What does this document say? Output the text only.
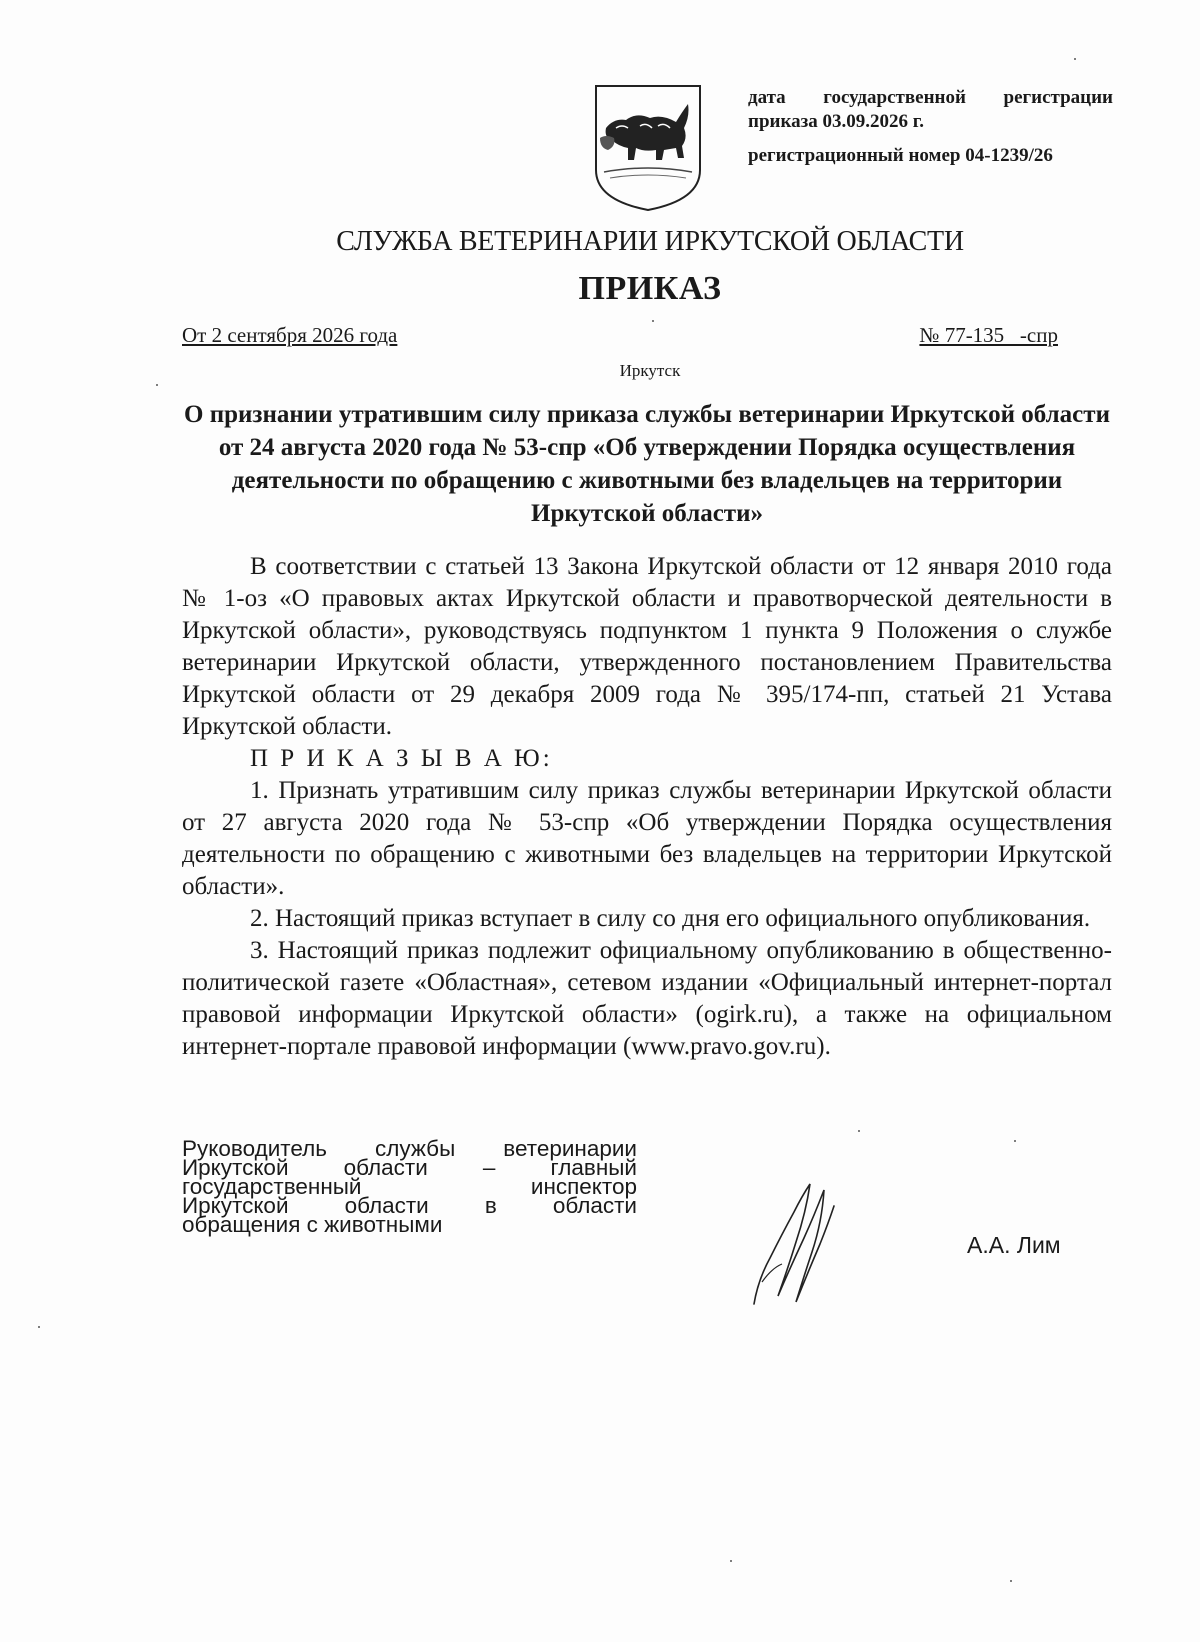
дата государственной регистрации
приказа 03.09.2026 г.
регистрационный номер 04-1239/26
СЛУЖБА ВЕТЕРИНАРИИ ИРКУТСКОЙ ОБЛАСТИ
ПРИКАЗ
От 2 сентября 2026 года	№ 77-135   -спр
Иркутск
О признании утратившим силу приказа службы ветеринарии Иркутской области от 24 августа 2020 года № 53-спр «Об утверждении Порядка осуществления деятельности по обращению с животными без владельцев на территории Иркутской области»

В соответствии с статьей 13 Закона Иркутской области от 12 января 2010 года № 1-оз «О правовых актах Иркутской области и правотворческой деятельности в Иркутской области», руководствуясь подпунктом 1 пункта 9 Положения о службе ветеринарии Иркутской области, утвержденного постановлением Правительства Иркутской области от 29 декабря 2009 года № 395/174-пп, статьей 21 Устава Иркутской области.

П Р И К А З Ы В А Ю:

1. Признать утратившим силу приказ службы ветеринарии Иркутской области от 27 августа 2020 года № 53-спр «Об утверждении Порядка осуществления деятельности по обращению с животными без владельцев на территории Иркутской области».

2. Настоящий приказ вступает в силу со дня его официального опубликования.

3. Настоящий приказ подлежит официальному опубликованию в общественно-политической газете «Областная», сетевом издании «Официальный интернет-портал правовой информации Иркутской области» (ogirk.ru), а также на официальном интернет-портале правовой информации (www.pravo.gov.ru).

Руководитель службы ветеринарии
Иркутской области – главный
государственный инспектор
Иркутской области в области
обращения с животными
А.А. Лим
